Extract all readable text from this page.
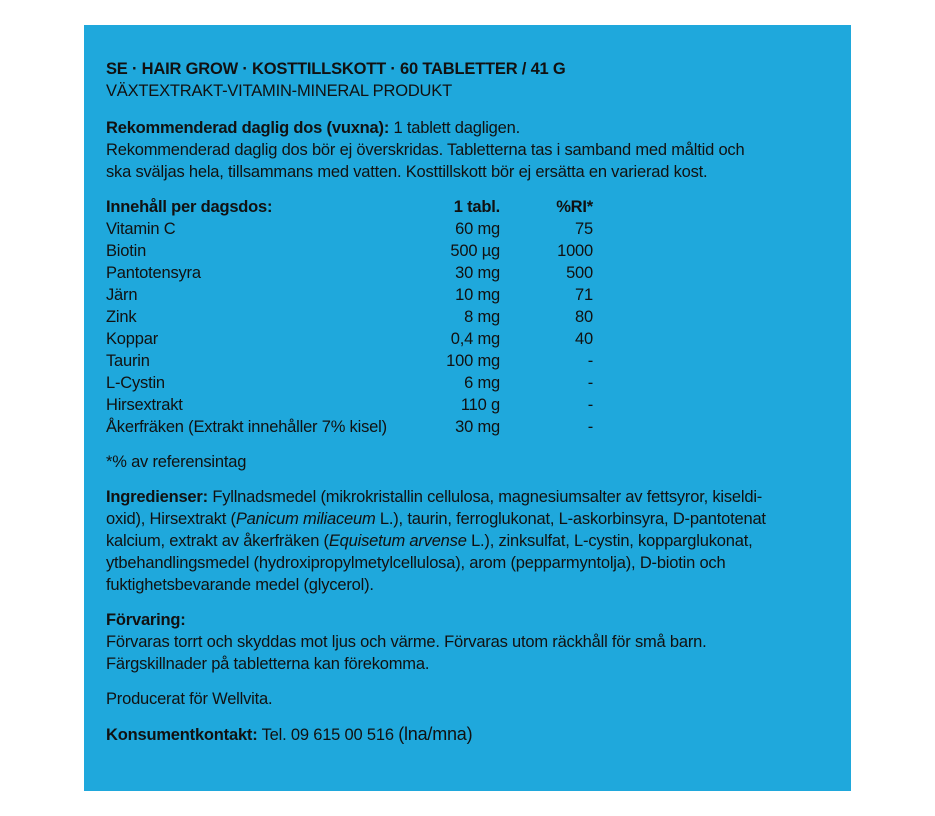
SE · HAIR GROW · KOSTTILLSKOTT · 60 TABLETTER / 41 G

VÄXTEXTRAKT-VITAMIN-MINERAL PRODUKT

Rekommenderad daglig dos (vuxna): 1 tablett dagligen.

Rekommenderad daglig dos bör ej överskridas. Tabletterna tas i samband med måltid och

ska sväljas hela, tillsammans med vatten. Kosttillskott bör ej ersätta en varierad kost.

Innehåll per dagsdos:	1 tabl.	%RI*
Vitamin C	60 mg	75
Biotin	500 µg	1000
Pantotensyra	30 mg	500
Järn	10 mg	71
Zink	8 mg	80
Koppar	0,4 mg	40
Taurin	100 mg	-
L-Cystin	6 mg	-
Hirsextrakt	110 g	-
Åkerfräken (Extrakt innehåller 7% kisel)	30 mg	-

*% av referensintag

Ingredienser: Fyllnadsmedel (mikrokristallin cellulosa, magnesiumsalter av fettsyror, kiseldi-

oxid), Hirsextrakt (Panicum miliaceum L.), taurin, ferroglukonat, L-askorbinsyra, D-pantotenat

kalcium, extrakt av åkerfräken (Equisetum arvense L.), zinksulfat, L-cystin, kopparglukonat,

ytbehandlingsmedel (hydroxipropylmetylcellulosa), arom (pepparmyntolja), D-biotin och

fuktighetsbevarande medel (glycerol).

Förvaring:

Förvaras torrt och skyddas mot ljus och värme. Förvaras utom räckhåll för små barn.

Färgskillnader på tabletterna kan förekomma.

Producerat för Wellvita.

Konsumentkontakt: Tel. 09 615 00 516 (lna/mna)
